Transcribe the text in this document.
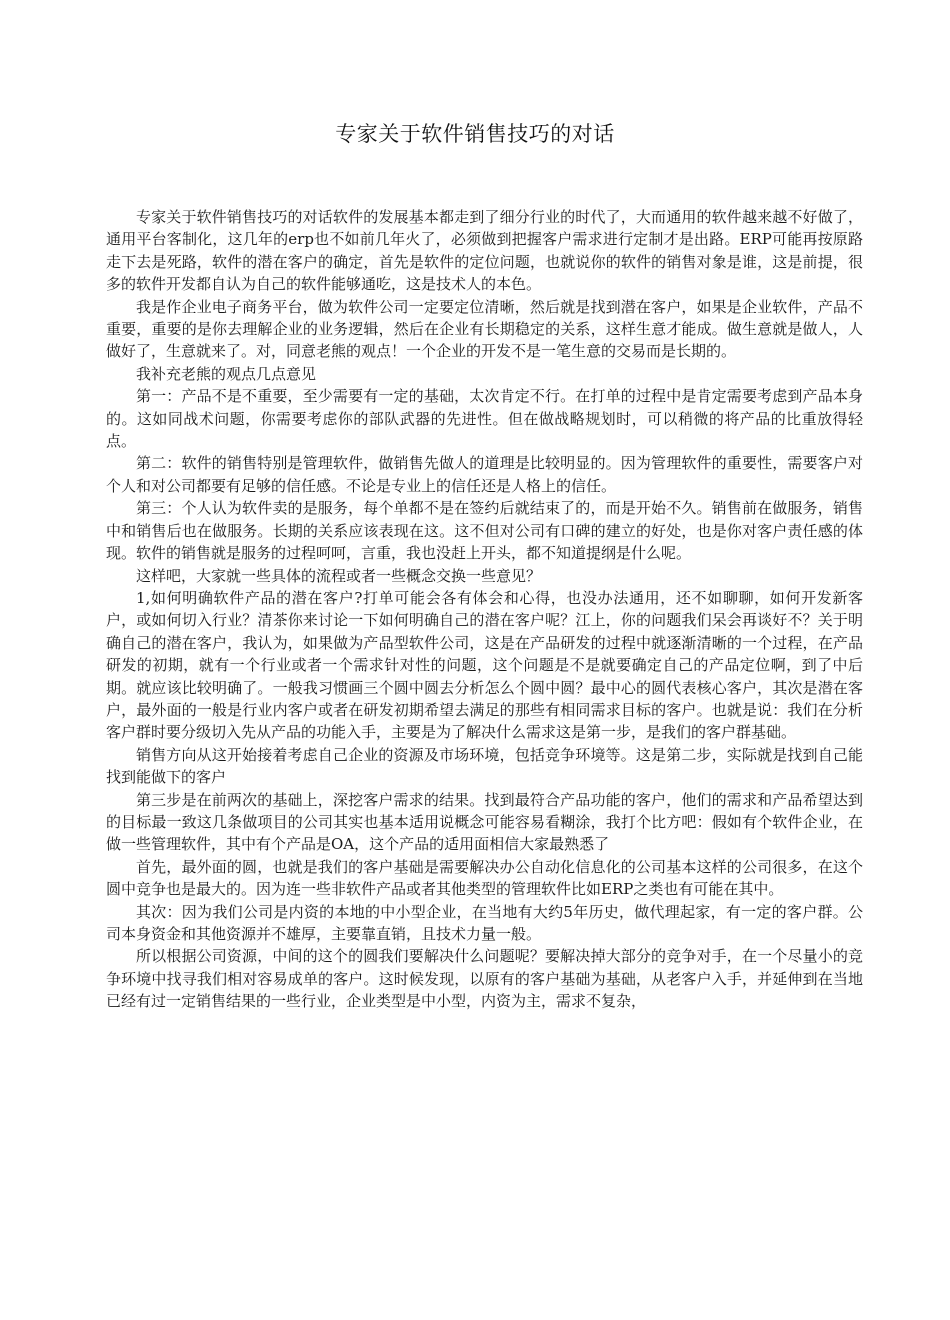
专家关于软件销售技巧的对话

专家关于软件销售技巧的对话软件的发展基本都走到了细分行业的时代了，大而通用的软件越来越不好做了，通用平台客制化，这几年的erp也不如前几年火了，必须做到把握客户需求进行定制才是出路。ERP可能再按原路走下去是死路，软件的潜在客户的确定，首先是软件的定位问题，也就说你的软件的销售对象是谁，这是前提，很多的软件开发都自认为自己的软件能够通吃，这是技术人的本色。

我是作企业电子商务平台，做为软件公司一定要定位清晰，然后就是找到潜在客户，如果是企业软件，产品不重要，重要的是你去理解企业的业务逻辑，然后在企业有长期稳定的关系，这样生意才能成。做生意就是做人，人做好了，生意就来了。对，同意老熊的观点！一个企业的开发不是一笔生意的交易而是长期的。

我补充老熊的观点几点意见

第一：产品不是不重要，至少需要有一定的基础，太次肯定不行。在打单的过程中是肯定需要考虑到产品本身的。这如同战术问题，你需要考虑你的部队武器的先进性。但在做战略规划时，可以稍微的将产品的比重放得轻点。

第二：软件的销售特别是管理软件，做销售先做人的道理是比较明显的。因为管理软件的重要性，需要客户对个人和对公司都要有足够的信任感。不论是专业上的信任还是人格上的信任。

第三：个人认为软件卖的是服务，每个单都不是在签约后就结束了的，而是开始不久。销售前在做服务，销售中和销售后也在做服务。长期的关系应该表现在这。这不但对公司有口碑的建立的好处，也是你对客户责任感的体现。软件的销售就是服务的过程呵呵，言重，我也没赶上开头，都不知道提纲是什么呢。

这样吧，大家就一些具体的流程或者一些概念交换一些意见？

1,如何明确软件产品的潜在客户?打单可能会各有体会和心得，也没办法通用，还不如聊聊，如何开发新客户，或如何切入行业？清茶你来讨论一下如何明确自己的潜在客户呢？江上，你的问题我们呆会再谈好不？关于明确自己的潜在客户，我认为，如果做为产品型软件公司，这是在产品研发的过程中就逐渐清晰的一个过程，在产品研发的初期，就有一个行业或者一个需求针对性的问题，这个问题是不是就要确定自己的产品定位啊，到了中后期。就应该比较明确了。一般我习惯画三个圆中圆去分析怎么个圆中圆？最中心的圆代表核心客户，其次是潜在客户，最外面的一般是行业内客户或者在研发初期希望去满足的那些有相同需求目标的客户。也就是说：我们在分析客户群时要分级切入先从产品的功能入手，主要是为了解决什么需求这是第一步，是我们的客户群基础。

销售方向从这开始接着考虑自己企业的资源及市场环境，包括竞争环境等。这是第二步，实际就是找到自己能找到能做下的客户

第三步是在前两次的基础上，深挖客户需求的结果。找到最符合产品功能的客户，他们的需求和产品希望达到的目标最一致这几条做项目的公司其实也基本适用说概念可能容易看糊涂，我打个比方吧：假如有个软件企业，在做一些管理软件，其中有个产品是OA，这个产品的适用面相信大家最熟悉了

首先，最外面的圆，也就是我们的客户基础是需要解决办公自动化信息化的公司基本这样的公司很多，在这个圆中竞争也是最大的。因为连一些非软件产品或者其他类型的管理软件比如ERP之类也有可能在其中。

其次：因为我们公司是内资的本地的中小型企业，在当地有大约5年历史，做代理起家，有一定的客户群。公司本身资金和其他资源并不雄厚，主要靠直销，且技术力量一般。

所以根据公司资源，中间的这个的圆我们要解决什么问题呢？要解决掉大部分的竞争对手，在一个尽量小的竞争环境中找寻我们相对容易成单的客户。这时候发现，以原有的客户基础为基础，从老客户入手，并延伸到在当地已经有过一定销售结果的一些行业，企业类型是中小型，内资为主，需求不复杂，
